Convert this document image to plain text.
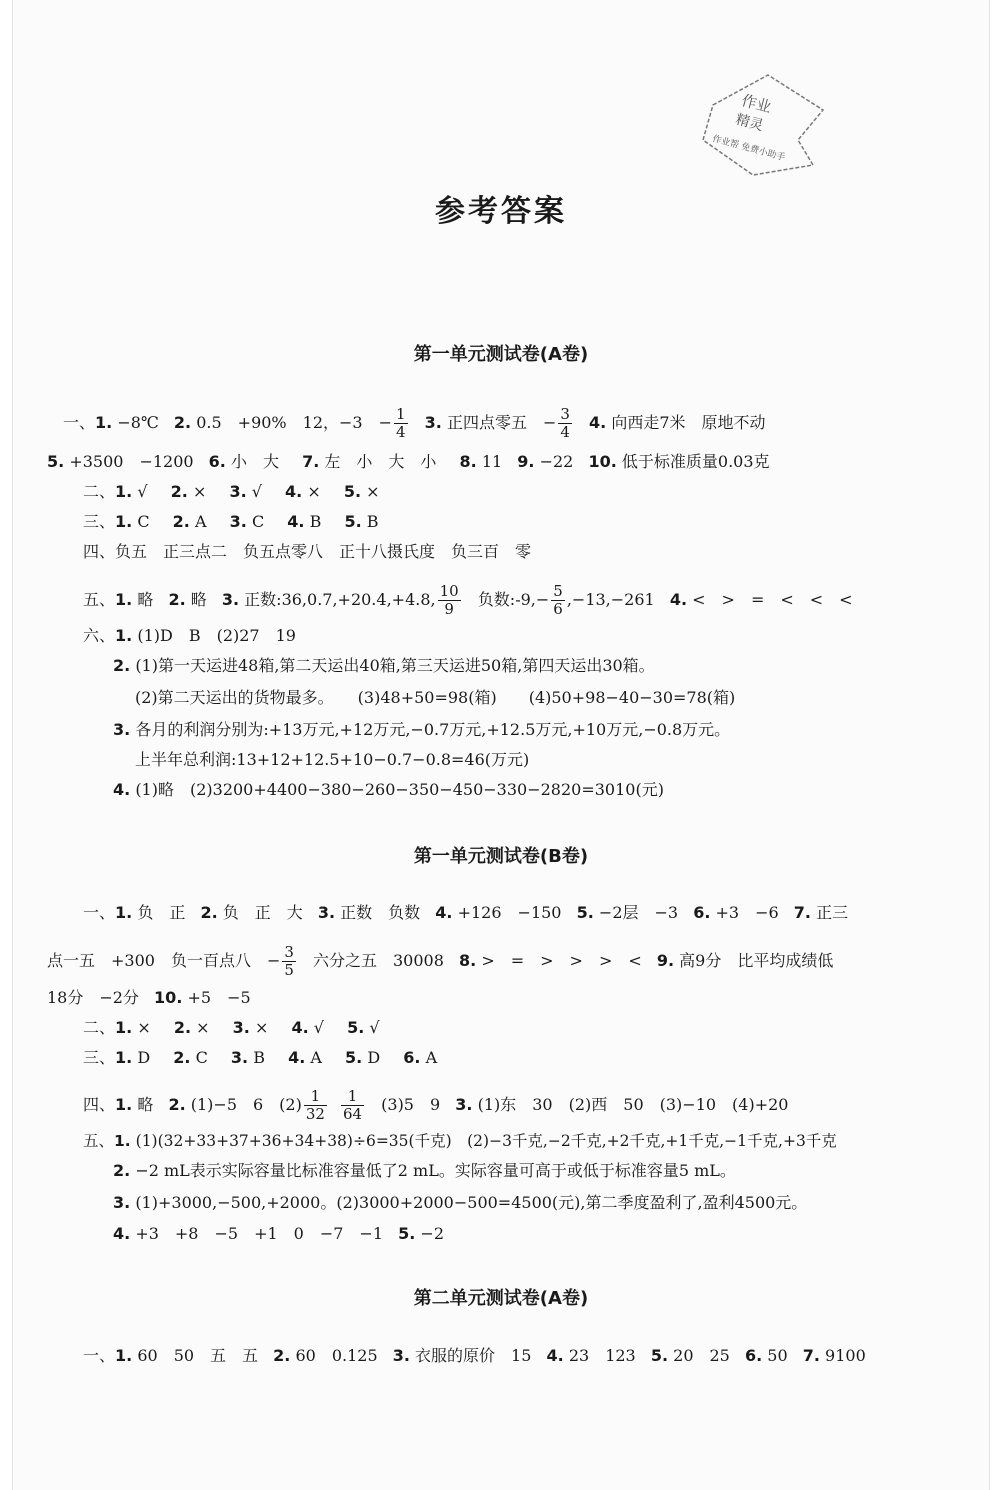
作业
精灵
作业帮 免费小助手
参考答案
第一单元测试卷(A卷)
一、1. −8℃ 2. 0.5　+90%　12，−3　− $\frac{1}{4} 3$. 正四点零五　− $\frac{3}{4} 4$. 向西走7米　原地不动
5. +3500　−1200 6. 小　大 7. 左　小　大　小 8. 11 9. −22 10. 低于标准质量0.03克
二、1. √ 2. × 3. √ 4. × 5. ×
三、1. C 2. A 3. C 4. B 5. B
四、负五　正三点二　负五点零八　正十八摄氏度　负三百　零
五、1. 略 2. 略 3. 正数:36,0.7,+20.4,+4.8, $\frac{10}{9}$ 负数:-9,− $\frac{5}{6} ,-13,-261$ 4. <　>　=　<　<　<
六、1. (1)D　B　(2)27　19
2. (1)第一天运进48箱,第二天运出40箱,第三天运进50箱,第四天运出30箱。
(2)第二天运出的货物最多。　　(3)48+50=98(箱)　　(4)50+98−40−30=78(箱)
3. 各月的利润分别为:+13万元,+12万元,−0.7万元,+12.5万元,+10万元,−0.8万元。
上半年总利润:13+12+12.5+10−0.7−0.8=46(万元)
4. (1)略　(2)3200+4400−380−260−350−450−330−2820=3010(元)
第一单元测试卷(B卷)
一、1. 负　正 2. 负　正　大 3. 正数　负数 4. +126　−150 5. −2层　−3 6. +3　−6 7. 正三
点一五　+300　负一百点八　− $\frac{3}{5}$ 六分之五　30008 8. >　=　>　>　>　< 9. 高9分　比平均成绩低
18分　−2分 10. +5　−5
二、1. × 2. × 3. × 4. √ 5. √
三、1. D 2. C 3. B 4. A 5. D 6. A
四、1. 略 2. (1)−5　6　$(2) \frac{1}{32} \frac{1}{64} (3)5$　9 3. (1)东　30　(2)西　50　(3)−10　(4)+20
五、1. (1)(32+33+37+36+34+38)÷6=35(千克)　(2)−3千克,−2千克,+2千克,+1千克,−1千克,+3千克
2. −2 mL表示实际容量比标准容量低了2 mL。实际容量可高于或低于标准容量5 mL。
3. (1)+3000,−500,+2000。(2)3000+2000−500=4500(元),第二季度盈利了,盈利4500元。
4. +3　+8　−5　+1　0　−7　−1 5. −2
第二单元测试卷(A卷)
一、1. 60　50　五　五 2. 60　0.125 3. 衣服的原价　15 4. 23　123 5. 20　25 6. 50 7. 9100
